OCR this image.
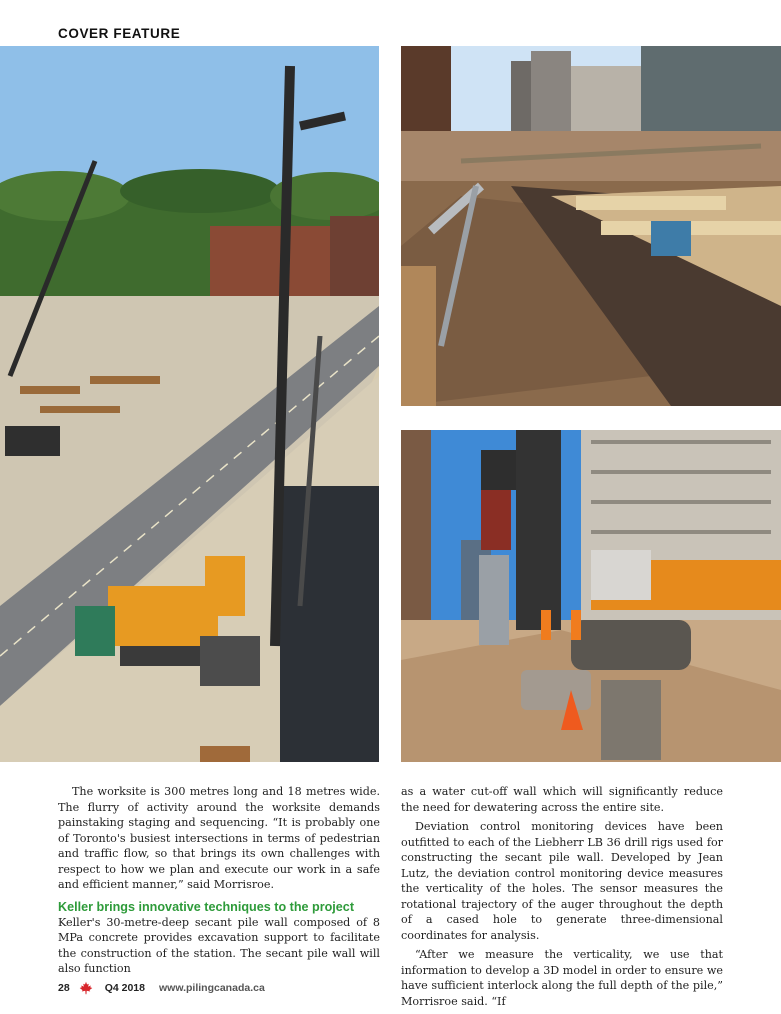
COVER FEATURE

The worksite is 300 metres long and 18 metres wide. The flurry of activity around the worksite demands painstaking staging and sequencing. “It is probably one of Toronto's busiest intersections in terms of pedestrian and traffic flow, so that brings its own challenges with respect to how we plan and execute our work in a safe and efficient manner,” said Morrisroe.

Keller brings innovative techniques to the project

Keller's 30-metre-deep secant pile wall composed of 8 MPa concrete provides excavation support to facilitate the construction of the station. The secant pile wall will also function

as a water cut-off wall which will significantly reduce the need for dewatering across the entire site.

Deviation control monitoring devices have been outfitted to each of the Liebherr LB 36 drill rigs used for constructing the secant pile wall. Developed by Jean Lutz, the deviation control monitoring device measures the verticality of the holes. The sensor measures the rotational trajectory of the auger throughout the depth of a cased hole to generate three-dimensional coordinates for analysis.

“After we measure the verticality, we use that information to develop a 3D model in order to ensure we have sufficient interlock along the full depth of the pile,” Morrisroe said. “If

28	Q4 2018 www.pilingcanada.ca
